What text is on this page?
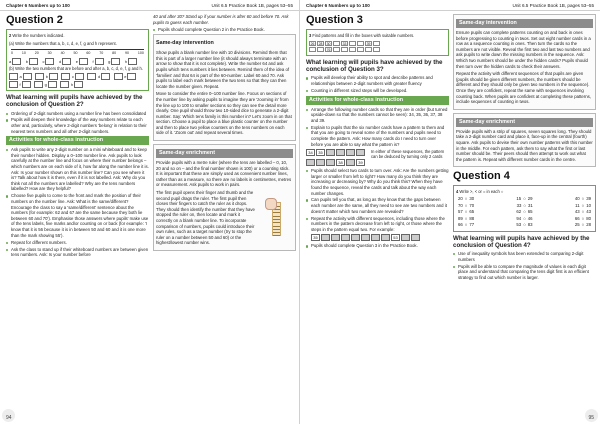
Chapter 6 Numbers up to 100	Unit 6.5 Practice Book 1B, pages 53–55
Question 2
2 Write the numbers indicated.
(a) Write the numbers that a, b, c, d, e, f, g and h represent.
0 10 20 30 40 50 60 70 80 90 100
a	b	c	d	e	f	g	h
(b) Write the two numbers that are before and after a, b, c, d, e, f, g and h.
a	b	c	d	e
f	g	h
What learning will pupils have achieved by the conclusion of Question 2?
Ordering of 2-digit numbers using a number line has been consolidated
Pupils will deepen their knowledge of the way numbers relate to each other and, particularly, where 2-digit numbers 'belong' in relation to their nearest tens numbers and all other 2-digit numbers.
Activities for whole-class instruction
Ask pupils to write any 2-digit number on a mini whiteboard and to keep their number hidden. Display a 0–100 number line. Ask pupils to look carefully at the number line and focus on where their number belongs – which numbers are on each side of it, how far along the number line it is. Ask: Is your number shown on this number line? Can you see where it is? Talk about how it is there, even if it is not labelled. Ask: Why do you think not all the numbers are labelled? Why are the tens numbers labelled? How are they helpful?
Choose five pupils to come to the front and mark the position of their numbers on the number line. Ask: What is the same/different? Encourage the class to say a 'same/different' sentence about the numbers (for example: 62 and 67 are the same because they both lie between 60 and 70'). Emphasise those answers where pupils' make use of the tens labels, five marks and/or counting on or back (for example: 'I know that it is 56 because it is in between 50 and 60 and it is one more than the mark showing 55').
Repeat for different numbers.
Ask the class to stand up if their whiteboard numbers are between given tens numbers. Ask: Is your number before

40 and after 30? Stand up if your number is after 60 and before 70. Ask pupils to guess each number.

Pupils should complete Question 2 in the Practice Book.
Same-day intervention

Show pupils a blank number line with 10 divisions. Remind them that this is part of a larger number line (it should always terminate with an arrow to show that it is not complete). Write the number 64 and ask pupils which tens numbers it lies between. Remind them of the idea of 'families' and that 64 is part of the 60-number. Label 60 and 70. Ask pupils to label each mark between the two tens so that they can then locate the number given. Repeat.

Move to consider the entire 0–100 number line. Focus on sections of the number line by asking pupils to imagine they are 'zooming in' from the line up to 100 to smaller sections so they can see the detail more clearly. One pupil should throw two 10-sided dice to generate a 2-digit number. Say: Which tens family is this number in? Let's zoom in on that section. Choose a pupil to place a blue plastic counter on the number and then to place two yellow counters on the tens numbers on each side of it. 'Zoom out' and repeat several times.

Same-day enrichment

Provide pupils with a metre ruler (where the tens are labelled – 0, 10, 20 and so on – and the final number shown is 100) or a counting stick. It is important that these are simply used as convenient number lines, rather than as a measure, so there are no labels in centimetres, metres or measurement. Ask pupils to work in pairs.

The first pupil opens their finger and thumb and the second pupil drags the ruler. The first pupil then closes their fingers to catch the ruler as it drops. They should then identify the number that they have stopped the ruler on, then locate and mark it correctly on a blank number line. To incorporate comparison of numbers, pupils could introduce their own rules, such as a target number (try to stop the ruler on a number between 50 and 60) or the highest/lowest number wins.

94
Chapter 6 Numbers up to 100	Unit 6.5 Practice Book 1B, pages 53–55
Question 3
3 Find patterns and fill in the boxes with suitable numbers.
26	28	30	33	39
76
What learning will pupils have achieved by the conclusion of Question 3?
Pupils will develop their ability to spot and describe patterns and relationships between 2-digit numbers with greater fluency
Counting in different sized steps will be developed.
Activities for whole-class instruction
Arrange the following number cards so that they are in order (but turned upside-down so that the numbers cannot be seen): 34, 35, 36, 37, 38 and 39.
Explain to pupils that the six number cards have a pattern to them and that you are going to reveal some of the numbers and pupils need to complete the pattern. Ask: How many cards do I need to turn over before you are able to say what the pattern is?
34	35
38	39
In either of these sequences, the pattern can be deduced by turning only 2 cards
Pupils should select two cards to turn over. Ask: Are the numbers getting larger or smaller from left to right? How many do you think they are increasing or decreasing by? Why do you think this? When they have found the sequence, reveal the cards and talk about the way each number changes.
Can pupils tell you that, as long as they know that the gaps between each number are the same, all they need to see are two numbers and it doesn't matter which two numbers are revealed?
Repeat the activity with different sequences, including those where the numbers in the pattern decrease from left to right, or those where the steps in the pattern equal two. For example:
35	53
Pupils should complete Question 3 in the Practice Book.
Same-day intervention

Ensure pupils can complete patterns counting on and back in ones before progressing to counting in twos. Set out eight number cards in a row as a sequence counting in ones. Then turn the cards so the numbers are not visible. Reveal the first two and last two numbers and ask pupils to write down the missing numbers in the sequence. Ask: Which two numbers should be under the hidden cards? Pupils should then turn over the hidden cards to check their answers.

Repeat the activity with different sequences of that pupils are given (pupils should be given different numbers, the numbers should be different and they should only be given two numbers in the sequence). Once they are confident, repeat the same with sequences involving counting back. When pupils are confident at completing these patterns, include sequences of counting in twos.

Same-day enrichment

Provide pupils with a strip of squares, seven squares long. They should take a 2-digit number card and place it, face-up in the central (fourth) square. Ask pupils to devise their own number patterns with this number in the middle. For each pattern, ask them to say what the first or last number should be. Their peers should then attempt to work out what the pattern is. Repeat with different number cards in the centre.

Question 4
4 Write >, < or = in each ○
20 ○ 30	15 ○ 29	40 ○ 39
70 ○ 70	33 ○ 31	11 ○ 10
57 ○ 65	62 ○ 65	43 ○ 43
89 ○ 88	94 ○ 46	66 ○ 80
66 ○ 77	53 ○ 83	25 ○ 28
What learning will pupils have achieved by the conclusion of Question 4?
Use of inequality symbols has been extended to comparing 2-digit numbers
Pupils will be able to compare the magnitude of values in each digit place and understand that comparing the tens digit first is an efficient strategy to find out which number is larger.
95
